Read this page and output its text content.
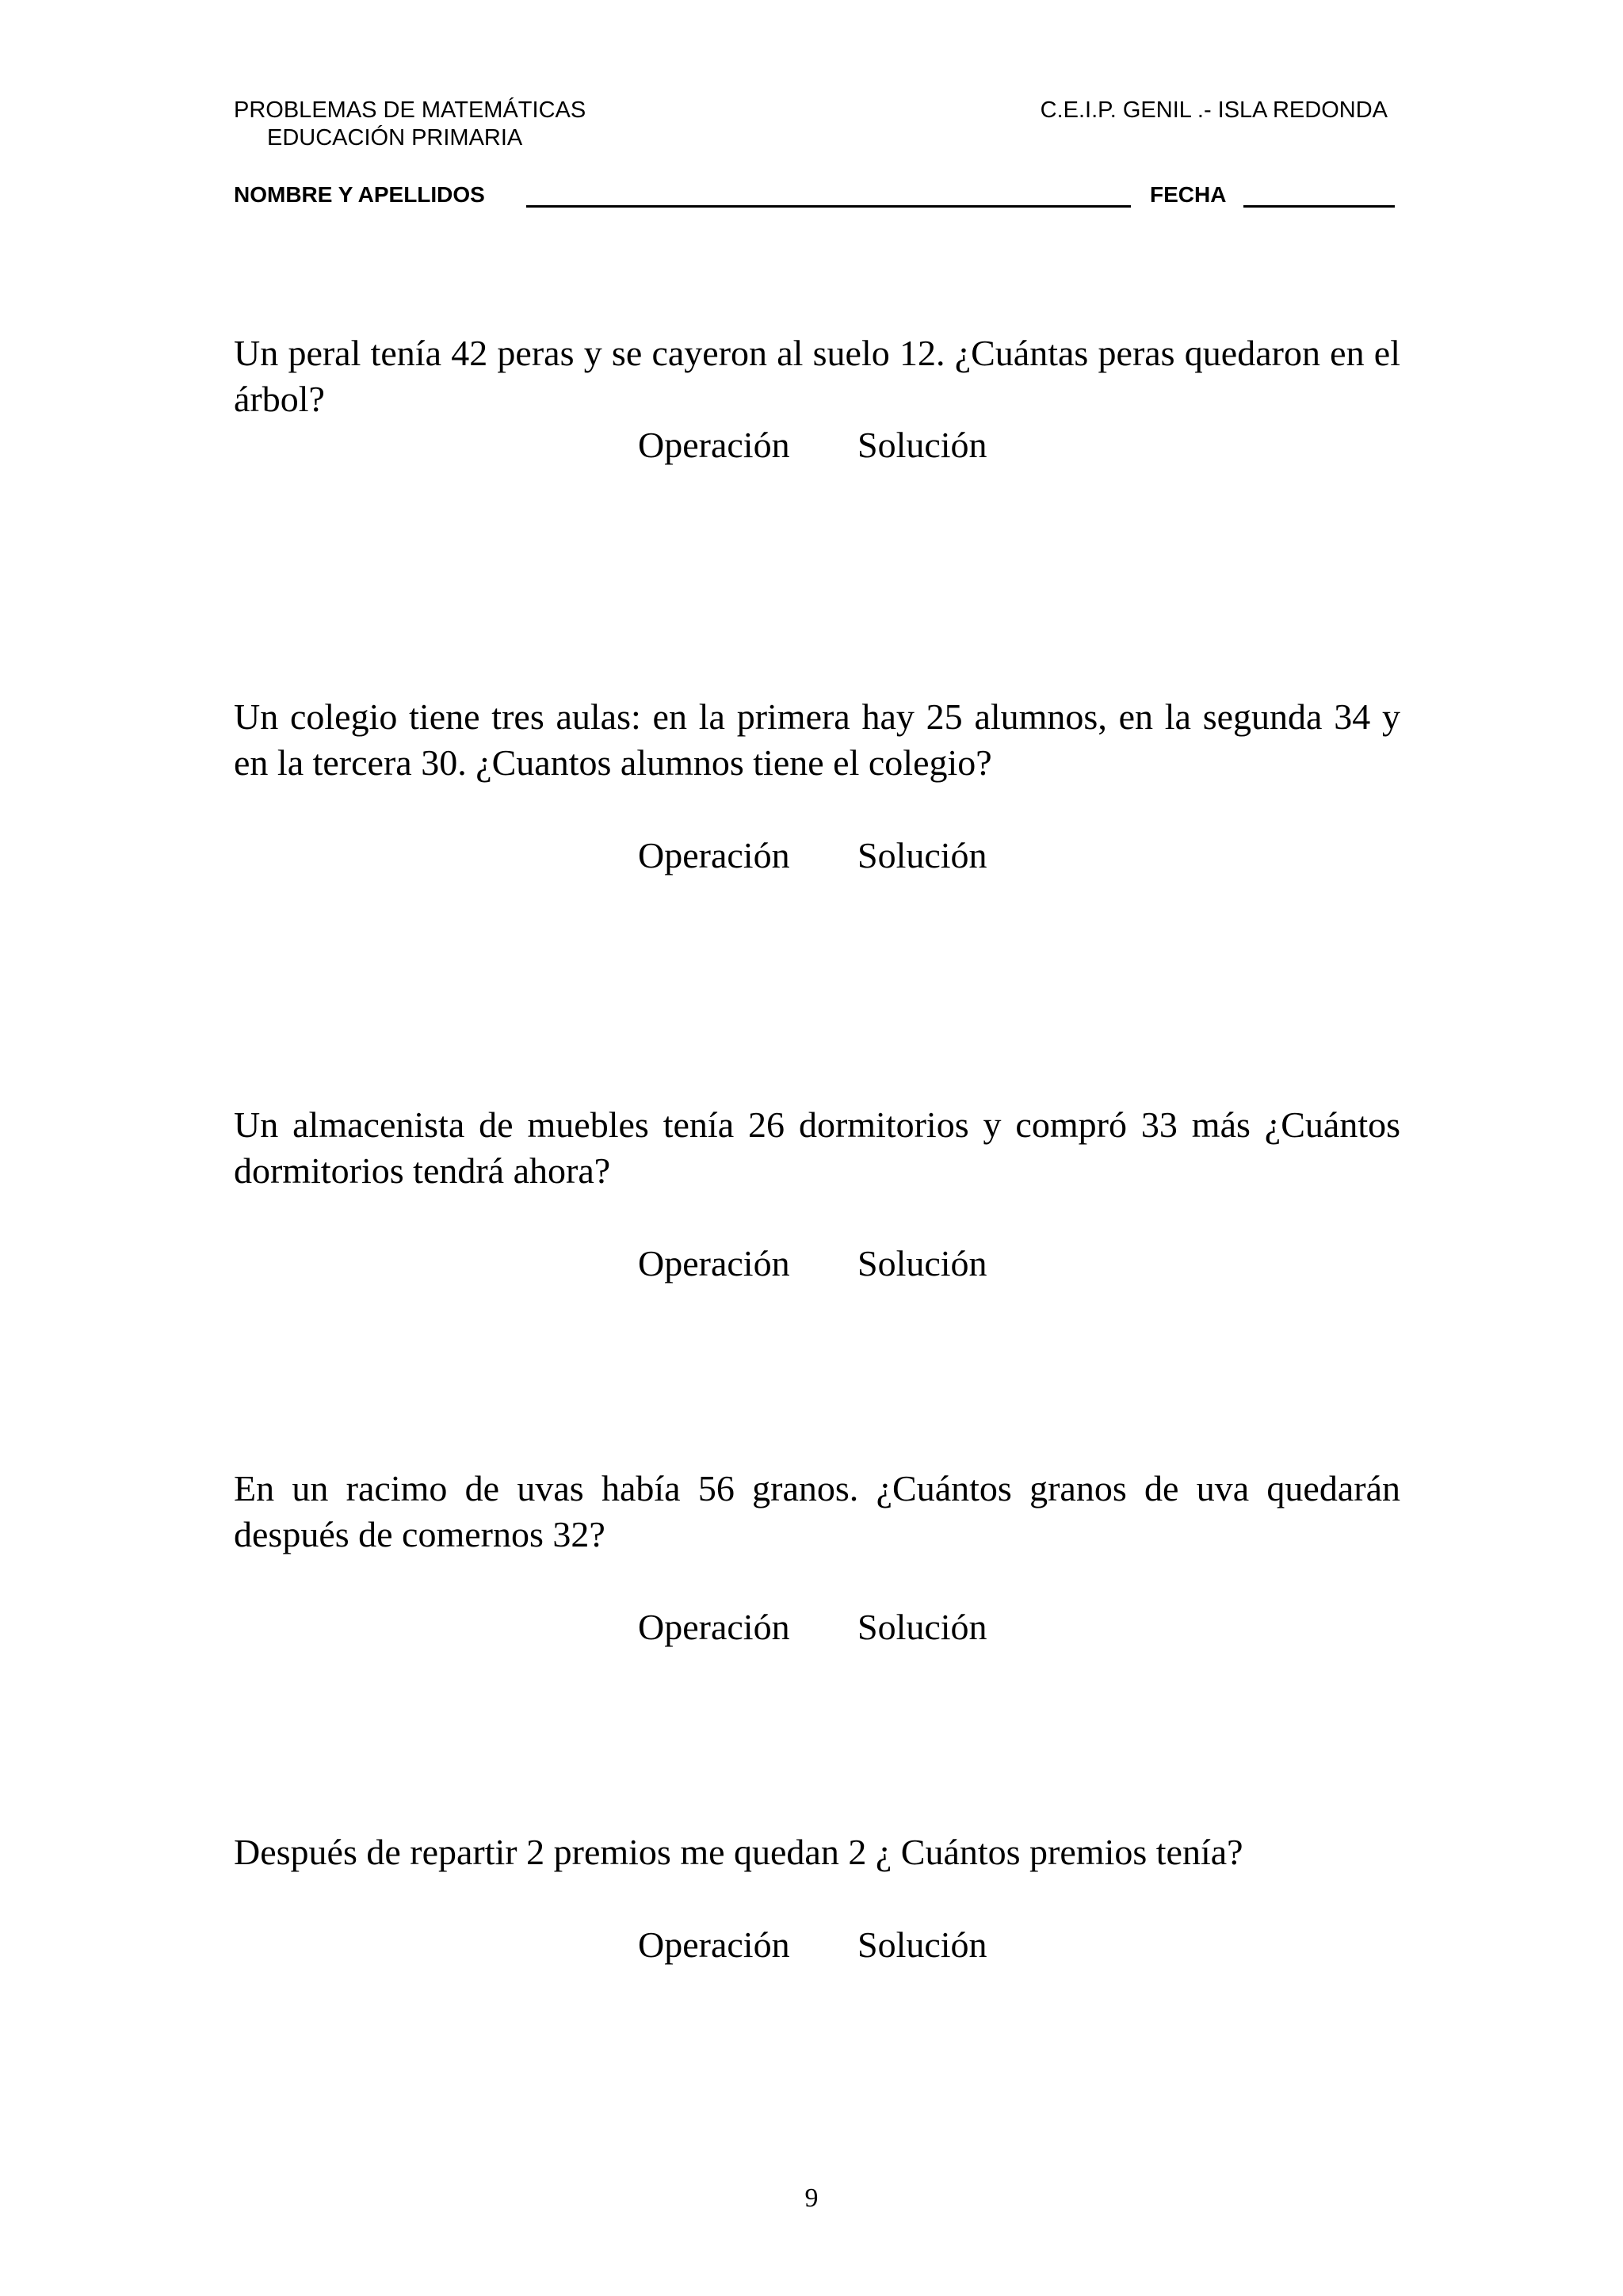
PROBLEMAS DE MATEMÁTICAS
EDUCACIÓN PRIMARIA
C.E.I.P. GENIL .- ISLA REDONDA
NOMBRE Y APELLIDOS	FECHA

Un peral tenía 42 peras y se cayeron al suelo 12. ¿Cuántas peras quedaron en el árbol?

Operación Solución

Un colegio tiene tres aulas: en la primera hay 25 alumnos, en la segunda 34 y en la tercera 30. ¿Cuantos alumnos tiene el colegio?

Operación Solución

Un almacenista de muebles tenía 26 dormitorios y compró 33 más ¿Cuántos dormitorios tendrá ahora?

Operación Solución

En un racimo de uvas había 56 granos. ¿Cuántos granos de uva quedarán después de comernos 32?

Operación Solución

Después de repartir 2 premios me quedan 2 ¿ Cuántos premios tenía?

Operación Solución
9
